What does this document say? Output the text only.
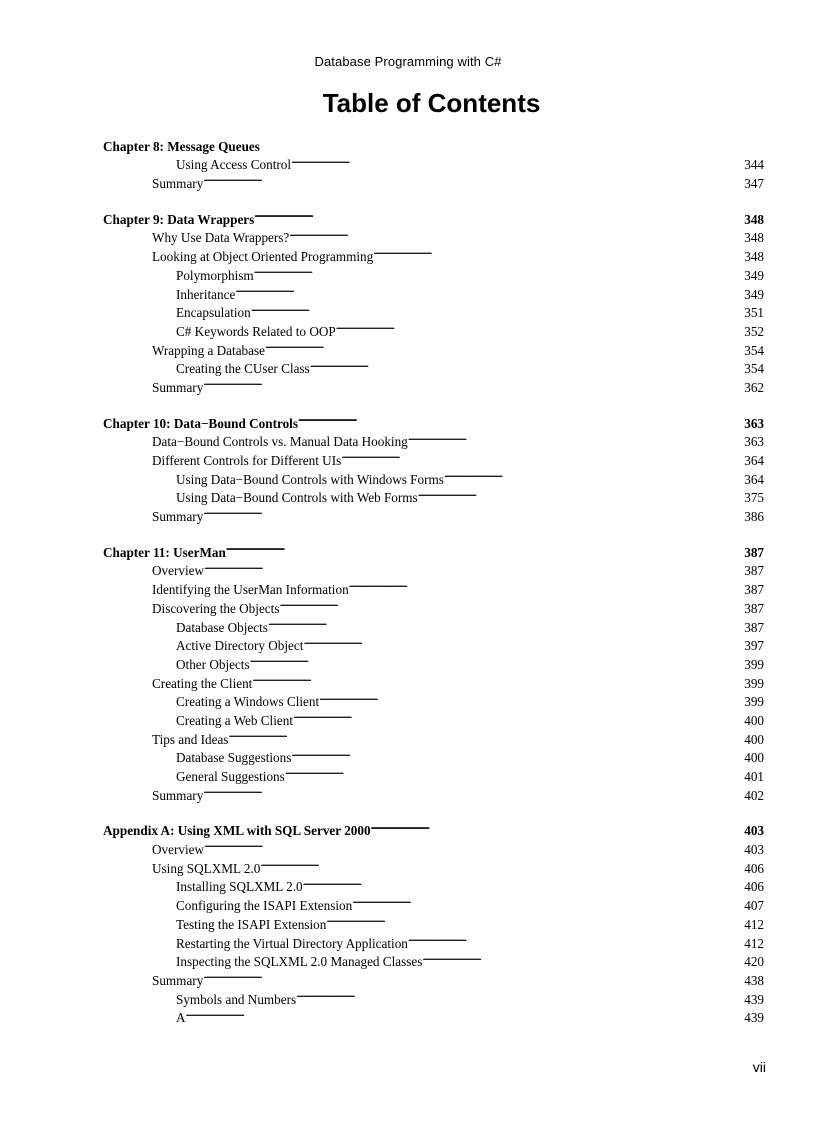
Database Programming with C#
Table of Contents
Chapter 8: Message Queues
Using Access Control . . .	344
Summary . . .	347
Chapter 9: Data Wrappers . . .	348
Why Use Data Wrappers? . . .	348
Looking at Object Oriented Programming . . .	348
Polymorphism . . .	349
Inheritance . . .	349
Encapsulation . . .	351
C# Keywords Related to OOP . . .	352
Wrapping a Database . . .	354
Creating the CUser Class . . .	354
Summary . . .	362
Chapter 10: Data−Bound Controls . . .	363
Data−Bound Controls vs. Manual Data Hooking . . .	363
Different Controls for Different UIs . . .	364
Using Data−Bound Controls with Windows Forms . . .	364
Using Data−Bound Controls with Web Forms . . .	375
Summary . . .	386
Chapter 11: UserMan . . .	387
Overview . . .	387
Identifying the UserMan Information . . .	387
Discovering the Objects . . .	387
Database Objects . . .	387
Active Directory Object . . .	397
Other Objects . . .	399
Creating the Client . . .	399
Creating a Windows Client . . .	399
Creating a Web Client . . .	400
Tips and Ideas . . .	400
Database Suggestions . . .	400
General Suggestions . . .	401
Summary . . .	402
Appendix A: Using XML with SQL Server 2000 . . .	403
Overview . . .	403
Using SQLXML 2.0 . . .	406
Installing SQLXML 2.0 . . .	406
Configuring the ISAPI Extension . . .	407
Testing the ISAPI Extension . . .	412
Restarting the Virtual Directory Application . . .	412
Inspecting the SQLXML 2.0 Managed Classes . . .	420
Summary . . .	438
Symbols and Numbers . . .	439
A . . .	439
vii
